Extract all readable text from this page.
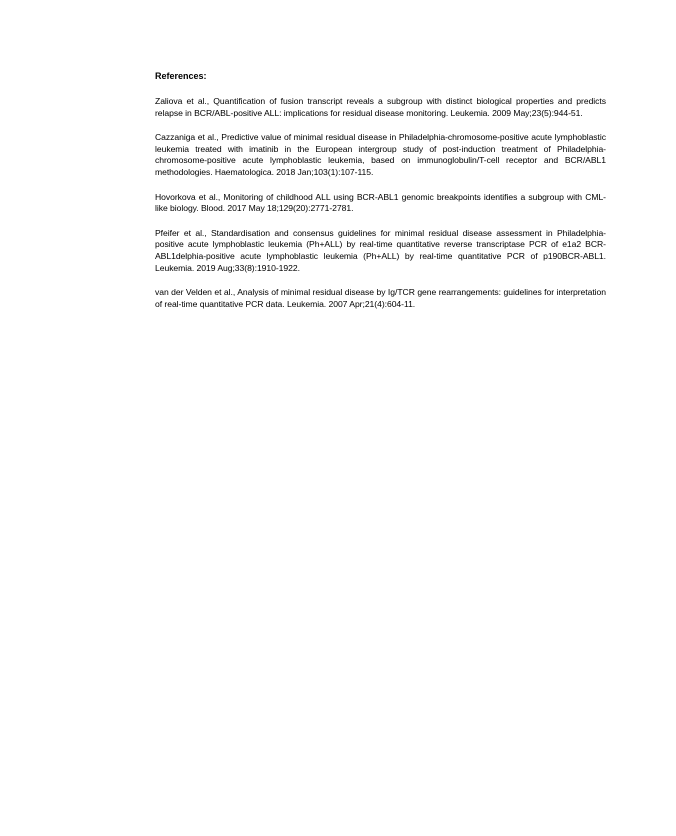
References:

Zaliova et al., Quantification of fusion transcript reveals a subgroup with distinct biological properties and predicts relapse in BCR/ABL-positive ALL: implications for residual disease monitoring. Leukemia. 2009 May;23(5):944-51.

Cazzaniga et al., Predictive value of minimal residual disease in Philadelphia-chromosome-positive acute lymphoblastic leukemia treated with imatinib in the European intergroup study of post-induction treatment of Philadelphia-chromosome-positive acute lymphoblastic leukemia, based on immunoglobulin/T-cell receptor and BCR/ABL1 methodologies. Haematologica. 2018 Jan;103(1):107-115.

Hovorkova et al., Monitoring of childhood ALL using BCR-ABL1 genomic breakpoints identifies a subgroup with CML-like biology. Blood. 2017 May 18;129(20):2771-2781.

Pfeifer et al., Standardisation and consensus guidelines for minimal residual disease assessment in Philadelphia-positive acute lymphoblastic leukemia (Ph+ALL) by real-time quantitative reverse transcriptase PCR of e1a2 BCR-ABL1delphia-positive acute lymphoblastic leukemia (Ph+ALL) by real-time quantitative PCR of p190BCR-ABL1. Leukemia. 2019 Aug;33(8):1910-1922.

van der Velden et al., Analysis of minimal residual disease by Ig/TCR gene rearrangements: guidelines for interpretation of real-time quantitative PCR data. Leukemia. 2007 Apr;21(4):604-11.
